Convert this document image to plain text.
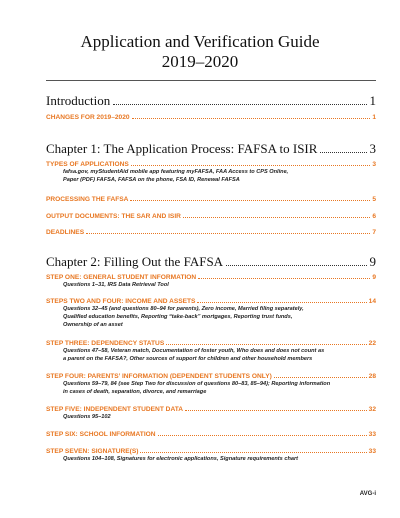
Application and Verification Guide
2019–2020
Introduction	1
CHANGES FOR 2019–2020	1
Chapter 1: The Application Process: FAFSA to ISIR	3
TYPES OF APPLICATIONS	3
fafsa.gov, myStudentAid mobile app featuring myFAFSA, FAA Access to CPS Online,
Paper (PDF) FAFSA, FAFSA on the phone, FSA ID, Renewal FAFSA
PROCESSING THE FAFSA	5
OUTPUT DOCUMENTS: THE SAR AND ISIR	6
DEADLINES	7
Chapter 2: Filling Out the FAFSA	9
STEP ONE: GENERAL STUDENT INFORMATION	9
Questions 1–31, IRS Data Retrieval Tool
STEPS TWO AND FOUR: INCOME AND ASSETS	14
Questions 32–45 (and questions 80–94 for parents), Zero income, Married filing separately,
Qualified education benefits, Reporting “take-back” mortgages, Reporting trust funds,
Ownership of an asset
STEP THREE: DEPENDENCY STATUS	22
Questions 47–58, Veteran match, Documentation of foster youth, Who does and does not count as
a parent on the FAFSA?, Other sources of support for children and other household members
STEP FOUR: PARENTS’ INFORMATION (DEPENDENT STUDENTS ONLY)	28
Questions 59–79, 84 (see Step Two for discussion of questions 80–83, 85–94); Reporting information
in cases of death, separation, divorce, and remarriage
STEP FIVE: INDEPENDENT STUDENT DATA	32
Questions 95–102
STEP SIX: SCHOOL INFORMATION	33
STEP SEVEN: SIGNATURE(S)	33
Questions 104–108, Signatures for electronic applications, Signature requirements chart
AVG-i
